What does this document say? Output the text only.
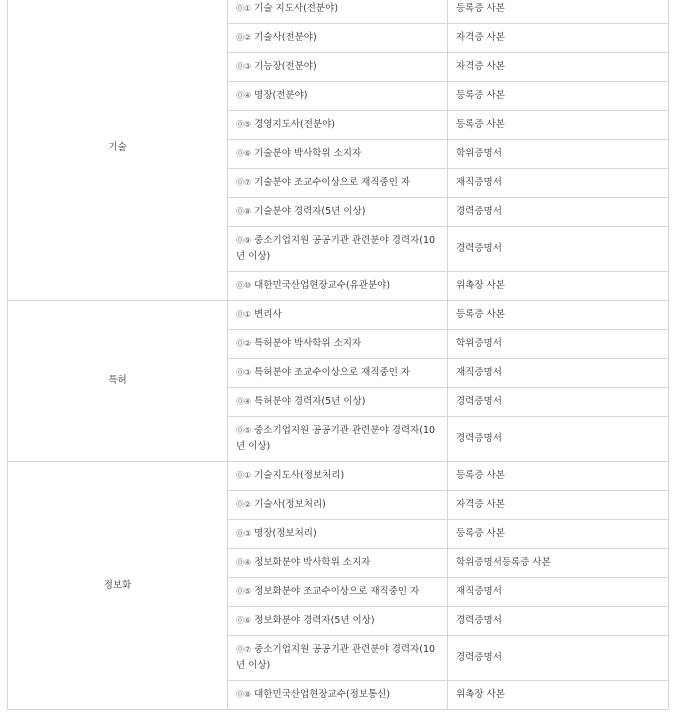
기술	⓪ ① 기술 지도사(전분야)	등록증 사본
	⓪ ② 기술사(전분야)	자격증 사본
	⓪ ③ 기능장(전분야)	자격증 사본
	⓪ ④ 명장(전분야)	등록증 사본
	⓪ ⑤ 경영지도사(전분야)	등록증 사본
	⓪ ⑥ 기술분야 박사학위 소지자	학위증명서
	⓪ ⑦ 기술분야 조교수이상으로 재직중인 자	재직증명서
	⓪ ⑧ 기술분야 경력자(5년 이상)	경력증명서
	⓪ ⑨ 중소기업지원 공공기관 관련분야 경력자(10년 이상)	경력증명서
	⓪ ⑩ 대한민국산업현장교수(유관분야)	위촉장 사본
특허	⓪ ① 변리사	등록증 사본
	⓪ ② 특허분야 박사학위 소지자	학위증명서
	⓪ ③ 특허분야 조교수이상으로 재직중인 자	재직증명서
	⓪ ④ 특허분야 경력자(5년 이상)	경력증명서
	⓪ ⑤ 중소기업지원 공공기관 관련분야 경력자(10년 이상)	경력증명서
정보화	⓪ ① 기술지도사(정보처리)	등록증 사본
	⓪ ② 기술사(정보처리)	자격증 사본
	⓪ ③ 명장(정보처리)	등록증 사본
	⓪ ④ 정보화분야 박사학위 소지자	학위증명서등록증 사본
	⓪ ⑤ 정보화분야 조교수이상으로 재직중인 자	재직증명서
	⓪ ⑥ 정보화분야 경력자(5년 이상)	경력증명서
	⓪ ⑦ 중소기업지원 공공기관 관련분야 경력자(10년 이상)	경력증명서
	⓪ ⑧ 대한민국산업현장교수(정보통신)	위촉장 사본
